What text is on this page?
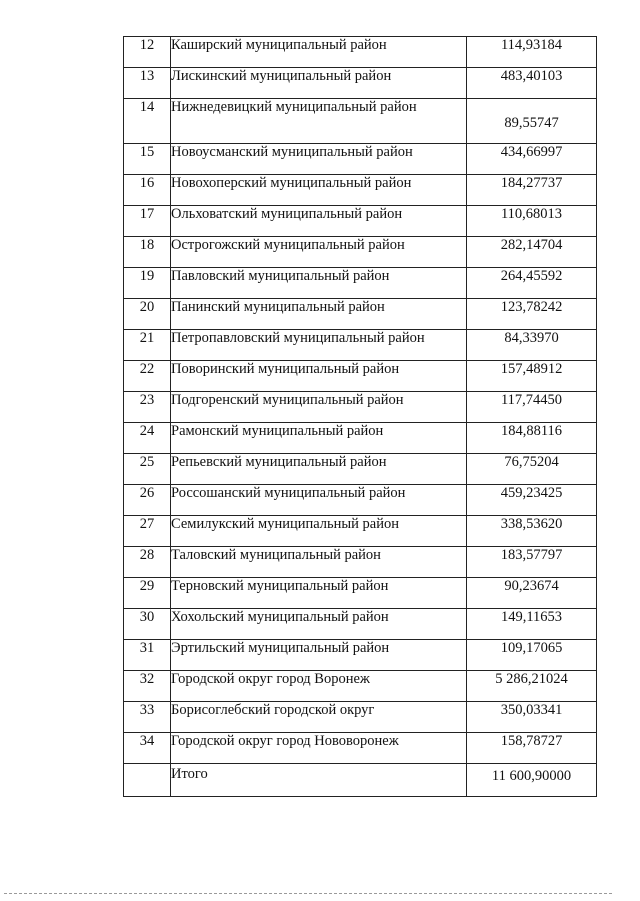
12	Каширский муниципальный район	114,93184
13	Лискинский муниципальный район	483,40103
14	Нижнедевицкий муниципальный район	89,55747
15	Новоусманский муниципальный район	434,66997
16	Новохоперский муниципальный район	184,27737
17	Ольховатский муниципальный район	110,68013
18	Острогожский муниципальный район	282,14704
19	Павловский муниципальный район	264,45592
20	Панинский муниципальный район	123,78242
21	Петропавловский муниципальный район	84,33970
22	Поворинский муниципальный район	157,48912
23	Подгоренский муниципальный район	117,74450
24	Рамонский муниципальный район	184,88116
25	Репьевский муниципальный район	76,75204
26	Россошанский муниципальный район	459,23425
27	Семилукский муниципальный район	338,53620
28	Таловский муниципальный район	183,57797
29	Терновский муниципальный район	90,23674
30	Хохольский муниципальный район	149,11653
31	Эртильский муниципальный район	109,17065
32	Городской округ город Воронеж	5 286,21024
33	Борисоглебский городской округ	350,03341
34	Городской округ город Нововоронеж	158,78727
	Итого	11 600,90000
